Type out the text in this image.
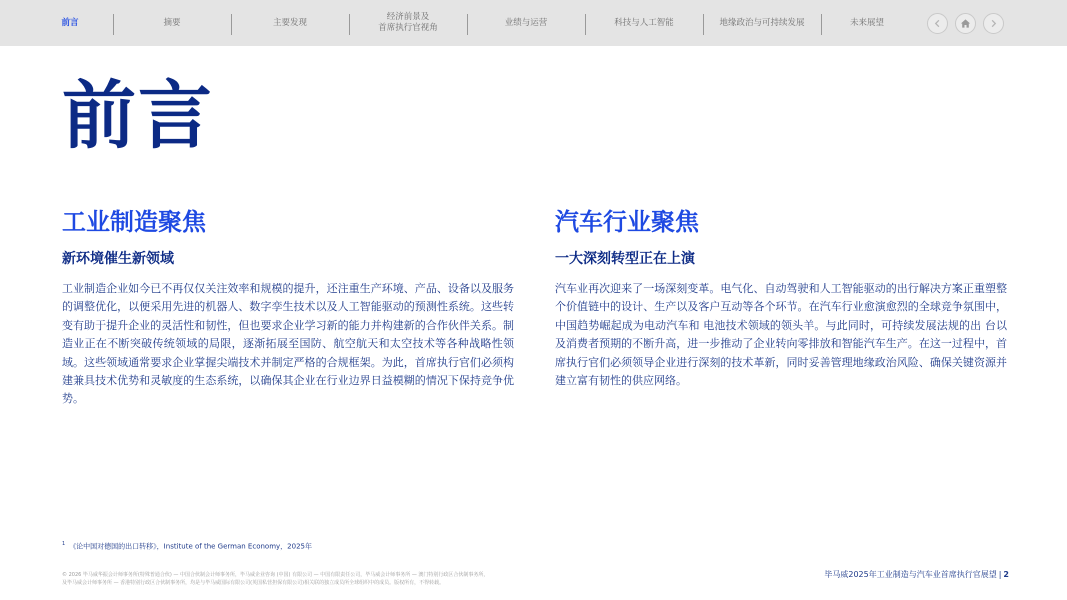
前言	摘要	主要发现
经济前景及
首席执行官视角
业绩与运营	科技与人工智能	地缘政治与可持续发展	未来展望
前言
工业制造聚焦
新环境催生新领域
工业制造企业如今已不再仅仅关注效率和规模的提升，还注重生产环境、产品、设备以及服务的调整优化，以便采用先进的机器人、数字孪生技术以及人工智能驱动的预测性系统。这些转变有助于提升企业的灵活性和韧性，但也要求企业学习新的能力并构建新的合作伙伴关系。制造业正在不断突破传统领域的局限，逐渐拓展至国防、航空航天和太空技术等各种战略性领域。这些领域通常要求企业掌握尖端技术并制定严格的合规框架。为此，首席执行官们必须构建兼具技术优势和灵敏度的生态系统，以确保其企业在行业边界日益模糊的情况下保持竞争优势。
汽车行业聚焦
一大深刻转型正在上演
汽车业再次迎来了一场深刻变革。电气化、自动驾驶和人工智能驱动的出行解决方案正重塑整个价值链中的设计、生产以及客户互动等各个环节。在汽车行业愈演愈烈的全球竞争氛围中，中国趋势崛起成为电动汽车和 电池技术领域的领头羊。与此同时，可持续发展法规的出 台以及消费者预期的不断升高，进一步推动了企业转向零排放和智能汽车生产。在这一过程中，首席执行官们必须领导企业进行深刻的技术革新，同时妥善管理地缘政治风险、确保关键资源并建立富有韧性的供应网络。
$^1$ 《论中国对德国的出口转移》，Institute of the German Economy，2025年
© 2026 毕马威华振会计师事务所(特殊普通合伙) — 中国合伙制会计师事务所，毕马威企业咨询 (中国) 有限公司 — 中国有限责任公司，毕马威会计师事务所 — 澳门特别行政区合伙制事务所，
及毕马威会计师事务所 — 香港特别行政区合伙制事务所，均是与毕马威国际有限公司(英国私营担保有限公司)相关联的独立成员所全球组织中的成员。版权所有，不得转载。
毕马威2025年工业制造与汽车业首席执行官展望 | 2
